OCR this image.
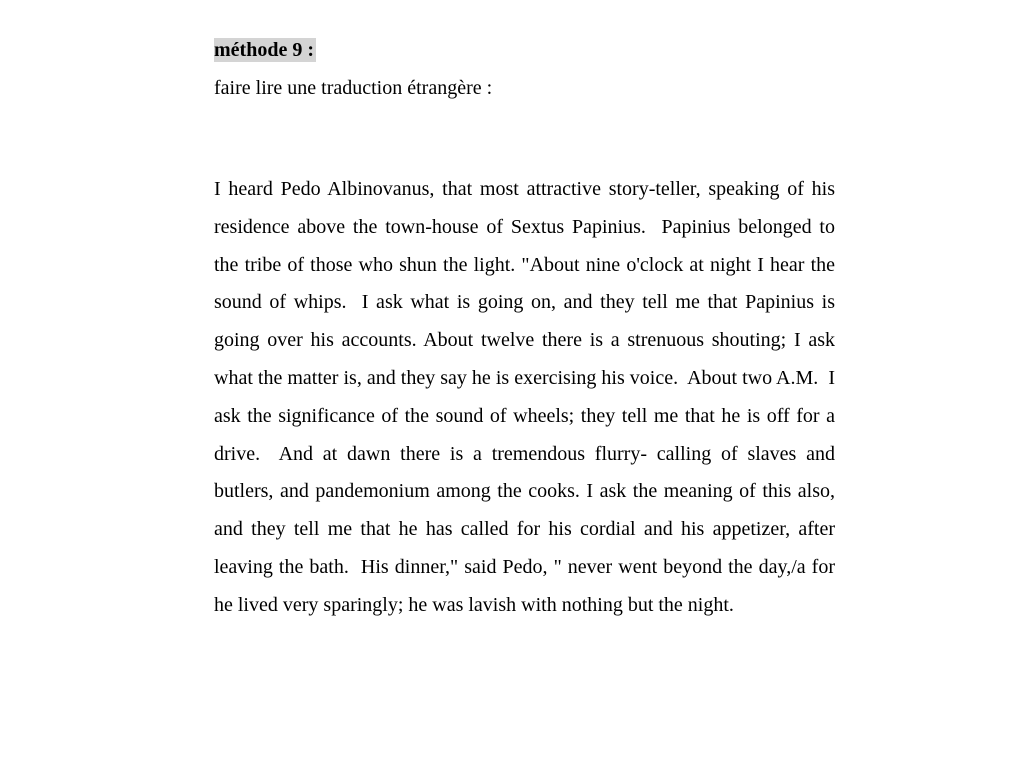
méthode 9 :
faire lire une traduction étrangère :
I heard Pedo Albinovanus, that most attractive story-teller, speaking of his residence above the town-house of Sextus Papinius.  Papinius belonged to the tribe of those who shun the light. "About nine o'clock at night I hear the sound of whips.  I ask what is going on, and they tell me that Papinius is going over his accounts. About twelve there is a strenuous shouting; I ask what the matter is, and they say he is exercising his voice.  About two A.M.  I ask the significance of the sound of wheels; they tell me that he is off for a drive.  And at dawn there is a tremendous flurry- calling of slaves and butlers, and pandemonium among the cooks. I ask the meaning of this also, and they tell me that he has called for his cordial and his appetizer, after leaving the bath.  His dinner," said Pedo, " never went beyond the day,/a for he lived very sparingly; he was lavish with nothing but the night.
